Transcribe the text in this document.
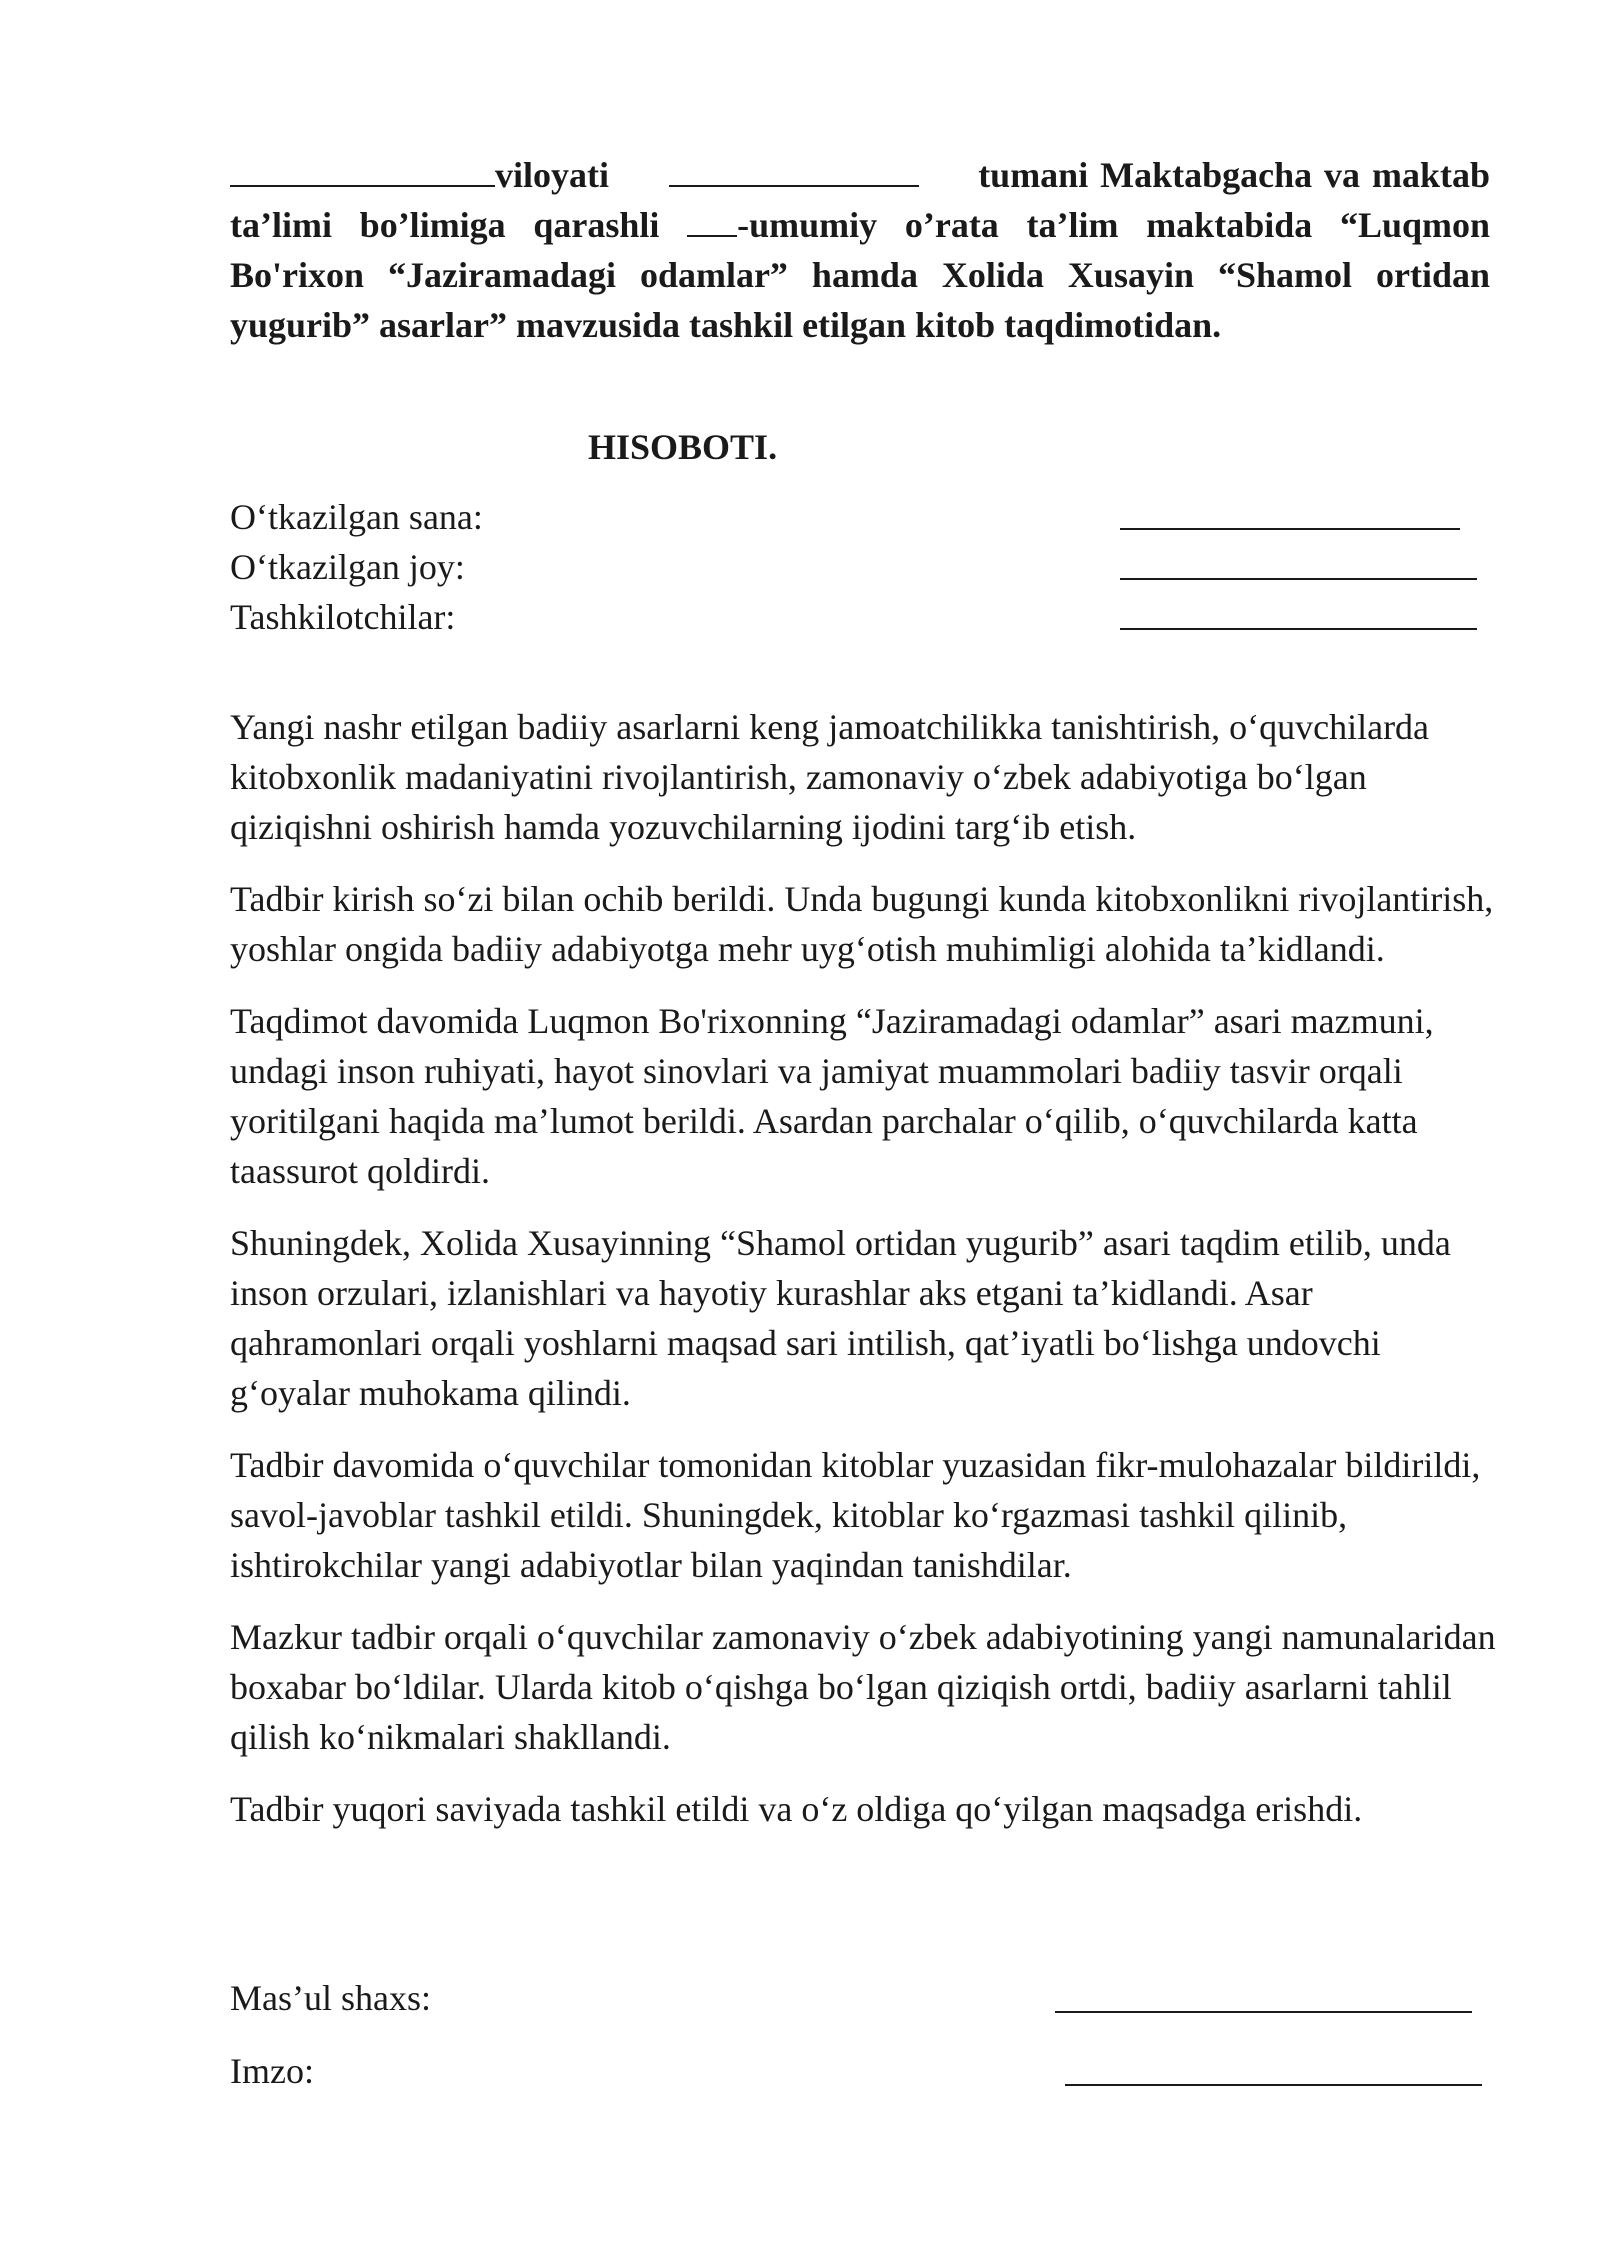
viloyati	tumani Maktabgacha va maktab ta’limi bo’limiga qarashli -umumiy o’rata ta’lim maktabida “Luqmon Bo'rixon “Jaziramadagi odamlar” hamda Xolida Xusayin “Shamol ortidan yugurib” asarlar” mavzusida tashkil etilgan kitob taqdimotidan.

HISOBOTI.

O‘tkazilgan sana:
O‘tkazilgan joy:
Tashkilotchilar:

Yangi nashr etilgan badiiy asarlarni keng jamoatchilikka tanishtirish, o‘quvchilarda kitobxonlik madaniyatini rivojlantirish, zamonaviy o‘zbek adabiyotiga bo‘lgan qiziqishni oshirish hamda yozuvchilarning ijodini targ‘ib etish.

Tadbir kirish so‘zi bilan ochib berildi. Unda bugungi kunda kitobxonlikni rivojlantirish, yoshlar ongida badiiy adabiyotga mehr uyg‘otish muhimligi alohida ta’kidlandi.

Taqdimot davomida Luqmon Bo'rixonning “Jaziramadagi odamlar” asari mazmuni, undagi inson ruhiyati, hayot sinovlari va jamiyat muammolari badiiy tasvir orqali yoritilgani haqida ma’lumot berildi. Asardan parchalar o‘qilib, o‘quvchilarda katta taassurot qoldirdi.

Shuningdek, Xolida Xusayinning “Shamol ortidan yugurib” asari taqdim etilib, unda inson orzulari, izlanishlari va hayotiy kurashlar aks etgani ta’kidlandi. Asar qahramonlari orqali yoshlarni maqsad sari intilish, qat’iyatli bo‘lishga undovchi g‘oyalar muhokama qilindi.

Tadbir davomida o‘quvchilar tomonidan kitoblar yuzasidan fikr-mulohazalar bildirildi, savol-javoblar tashkil etildi. Shuningdek, kitoblar ko‘rgazmasi tashkil qilinib, ishtirokchilar yangi adabiyotlar bilan yaqindan tanishdilar.

Mazkur tadbir orqali o‘quvchilar zamonaviy o‘zbek adabiyotining yangi namunalaridan boxabar bo‘ldilar. Ularda kitob o‘qishga bo‘lgan qiziqish ortdi, badiiy asarlarni tahlil qilish ko‘nikmalari shakllandi.

Tadbir yuqori saviyada tashkil etildi va o‘z oldiga qo‘yilgan maqsadga erishdi.

Mas’ul shaxs:
Imzo:
